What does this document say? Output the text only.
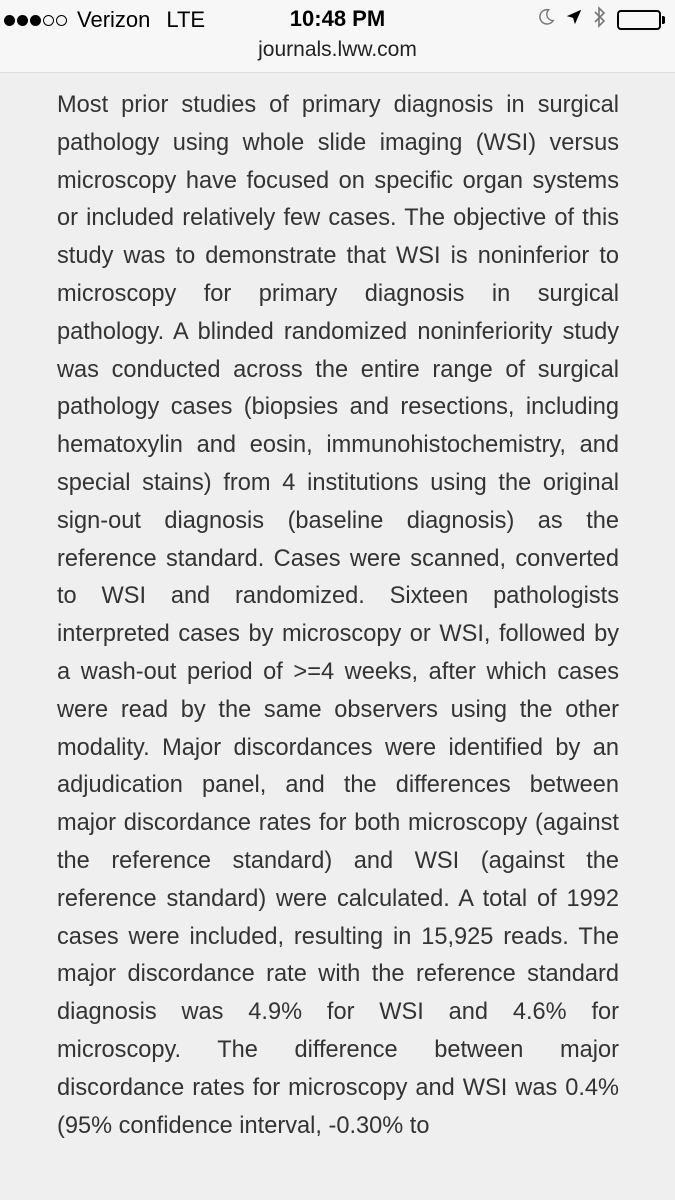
Verizon LTE	10:48 PM
journals.lww.com

Most prior studies of primary diagnosis in surgical pathology using whole slide imaging (WSI) versus microscopy have focused on specific organ systems or included relatively few cases. The objective of this study was to demonstrate that WSI is noninferior to microscopy for primary diagnosis in surgical pathology. A blinded randomized noninferiority study was conducted across the entire range of surgical pathology cases (biopsies and resections, including hematoxylin and eosin, immunohistochemistry, and special stains) from 4 institutions using the original sign-out diagnosis (baseline diagnosis) as the reference standard. Cases were scanned, converted to WSI and randomized. Sixteen pathologists interpreted cases by microscopy or WSI, followed by a wash-out period of >=4 weeks, after which cases were read by the same observers using the other modality. Major discordances were identified by an adjudication panel, and the differences between major discordance rates for both microscopy (against the reference standard) and WSI (against the reference standard) were calculated. A total of 1992 cases were included, resulting in 15,925 reads. The major discordance rate with the reference standard diagnosis was 4.9% for WSI and 4.6% for microscopy. The difference between major discordance rates for microscopy and WSI was 0.4% (95% confidence interval, -0.30% to
